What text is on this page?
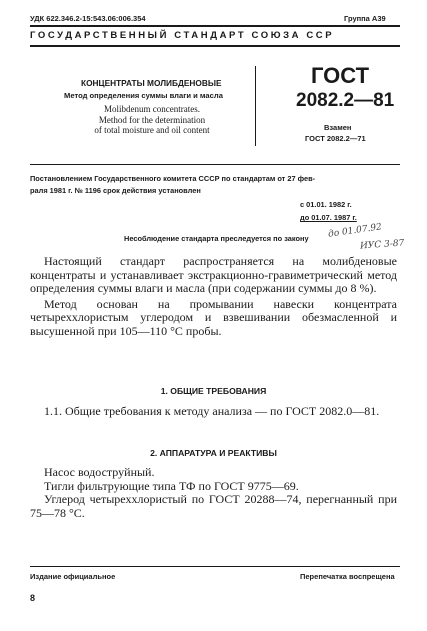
УДК 622.346.2-15:543.06:006.354	Группа А39
ГОСУДАРСТВЕННЫЙ СТАНДАРТ СОЮЗА ССР
КОНЦЕНТРАТЫ МОЛИБДЕНОВЫЕ
Метод определения суммы влаги и масла
Molibdenum concentrates.
Method for the determination
of total moisture and oil content
ГОСТ
2082.2—81
Взамен
ГОСТ 2082.2—71
Постановлением Государственного комитета СССР по стандартам от 27 фев-
раля 1981 г. № 1196 срок действия установлен
с 01.01. 1982 г.
до 01.07. 1987 г.
Несоблюдение стандарта преследуется по закону до 01.07.92
ИУС 3-87

Настоящий стандарт распространяется на молибденовые концентраты и устанавливает экстракционно-гравиметрический метод определения суммы влаги и масла (при содержании суммы до 8 %).

Метод основан на промывании навески концентрата четыреххлористым углеродом и взвешивании обезмасленной и высушенной при 105—110 °С пробы.

1. ОБЩИЕ ТРЕБОВАНИЯ

1.1. Общие требования к методу анализа — по ГОСТ 2082.0—81.

2. АППАРАТУРА И РЕАКТИВЫ

Насос водоструйный.

Тигли фильтрующие типа ТФ по ГОСТ 9775—69.

Углерод четыреххлористый по ГОСТ 20288—74, перегнанный при 75—78 °С.

Издание официальное	Перепечатка воспрещена
8
